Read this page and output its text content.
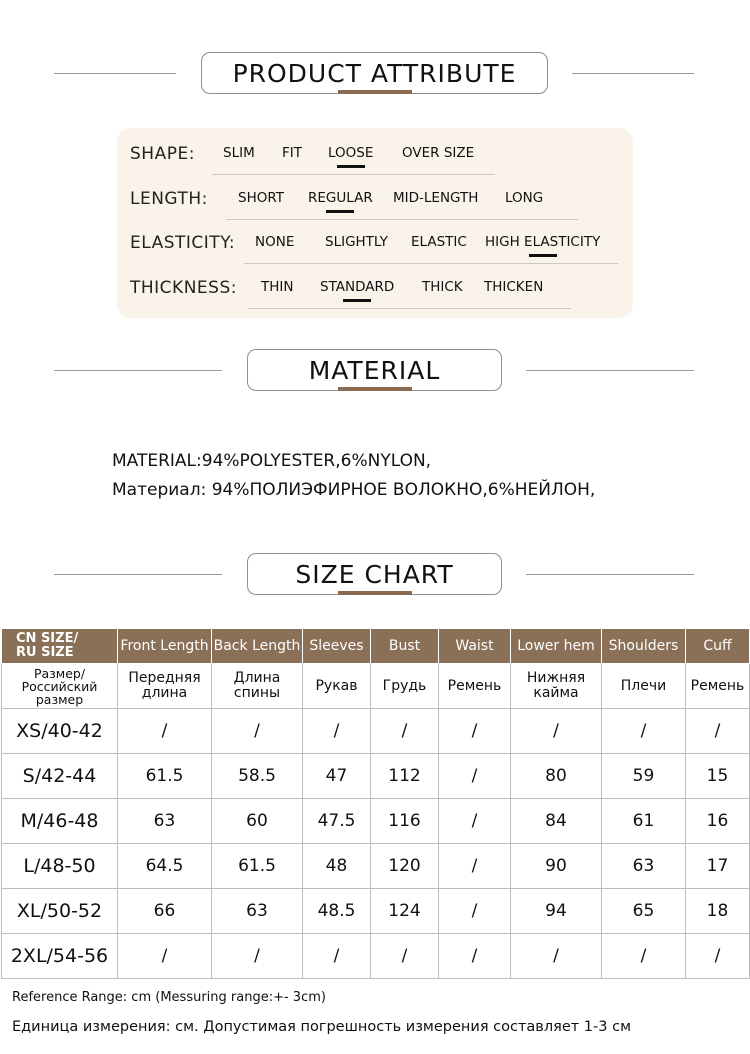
PRODUCT ATTRIBUTE
SHAPE: SLIM FIT LOOSE OVER SIZE
LENGTH: SHORT REGULAR MID-LENGTH LONG
ELASTICITY: NONE SLIGHTLY ELASTIC HIGH ELASTICITY
THICKNESS: THIN STANDARD THICK THICKEN
MATERIAL
MATERIAL:94%POLYESTER,6%NYLON,
Материал: 94%ПОЛИЭФИРНОЕ ВОЛОКНО,6%НЕЙЛОН,
SIZE CHART
CN SIZE/
RU SIZE	Front Length	Back Length	Sleeves	Bust	Waist	Lower hem	Shoulders	Cuff
Размер/
Российский
размер	Передняя
длина	Длина
спины	Рукав	Грудь	Ремень	Нижняя
кайма	Плечи	Ремень
XS/40-42	/	/	/	/	/	/	/	/
S/42-44	61.5	58.5	47	112	/	80	59	15
M/46-48	63	60	47.5	116	/	84	61	16
L/48-50	64.5	61.5	48	120	/	90	63	17
XL/50-52	66	63	48.5	124	/	94	65	18
2XL/54-56	/	/	/	/	/	/	/	/
Reference Range: cm (Messuring range:+- 3cm)
Единица измерения: см. Допустимая погрешность измерения составляет 1-3 см
